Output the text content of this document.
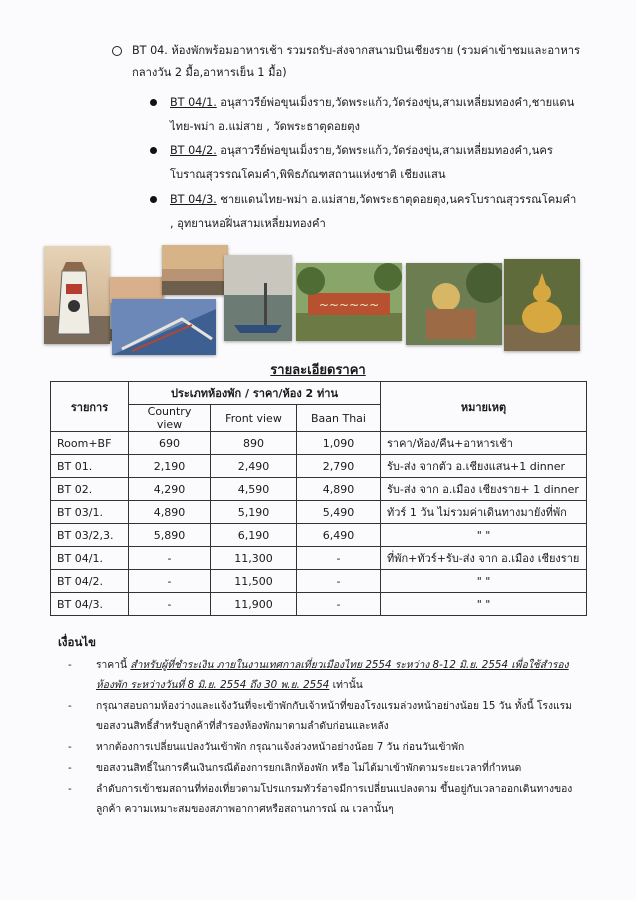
BT 04. ห้องพักพร้อมอาหารเช้า รวมรถรับ-ส่งจากสนามบินเชียงราย (รวมค่าเข้าชมและอาหารกลางวัน 2 มื้อ,อาหารเย็น 1 มื้อ)
BT 04/1. อนุสาวรีย์พ่อขุนเม็งราย,วัดพระแก้ว,วัดร่องขุ่น,สามเหลี่ยมทองคำ,ชายแดนไทย-พม่า อ.แม่สาย , วัดพระธาตุดอยตุง
BT 04/2. อนุสาวรีย์พ่อขุนเม็งราย,วัดพระแก้ว,วัดร่องขุ่น,สามเหลี่ยมทองคำ,นครโบราณสุวรรณโคมคำ,พิพิธภัณฑสถานแห่งชาติ เชียงแสน
BT 04/3. ชายแดนไทย-พม่า อ.แม่สาย,วัดพระธาตุดอยตุง,นครโบราณสุวรรณโคมคำ , อุทยานหอฝิ่นสามเหลี่ยมทองคำ
~~~~~~
รายละเอียดราคา
รายการ	ประเภทห้องพัก / ราคา/ห้อง 2 ท่าน			หมายเหตุ
	Country view	Front view	Baan Thai	
Room+BF	690	890	1,090	ราคา/ห้อง/คืน+อาหารเช้า
BT 01.	2,190	2,490	2,790	รับ-ส่ง จากตัว อ.เชียงแสน+1 dinner
BT 02.	4,290	4,590	4,890	รับ-ส่ง จาก อ.เมือง เชียงราย+ 1 dinner
BT 03/1.	4,890	5,190	5,490	ทัวร์ 1 วัน ไม่รวมค่าเดินทางมายังที่พัก
BT 03/2,3.	5,890	6,190	6,490	" "
BT 04/1.	-	11,300	-	ที่พัก+ทัวร์+รับ-ส่ง จาก อ.เมือง เชียงราย
BT 04/2.	-	11,500	-	" "
BT 04/3.	-	11,900	-	" "
เงื่อนไข
- ราคานี้ สำหรับผู้ที่ชำระเงิน ภายในงานเทศกาลเที่ยวเมืองไทย 2554 ระหว่าง 8-12 มิ.ย. 2554 เพื่อใช้สำรองห้องพัก ระหว่างวันที่ 8 มิ.ย. 2554 ถึง 30 พ.ย. 2554 เท่านั้น
- กรุณาสอบถามห้องว่างและแจ้งวันที่จะเข้าพักกับเจ้าหน้าที่ของโรงแรมล่วงหน้าอย่างน้อย 15 วัน ทั้งนี้ โรงแรมขอสงวนสิทธิ์สำหรับลูกค้าที่สำรองห้องพักมาตามลำดับก่อนและหลัง
- หากต้องการเปลี่ยนแปลงวันเข้าพัก กรุณาแจ้งล่วงหน้าอย่างน้อย 7 วัน ก่อนวันเข้าพัก
- ขอสงวนสิทธิ์ในการคืนเงินกรณีต้องการยกเลิกห้องพัก หรือ ไม่ได้มาเข้าพักตามระยะเวลาที่กำหนด
- ลำดับการเข้าชมสถานที่ท่องเที่ยวตามโปรแกรมทัวร์อาจมีการเปลี่ยนแปลงตาม ขึ้นอยู่กับเวลาออกเดินทางของลูกค้า ความเหมาะสมของสภาพอากาศหรือสถานการณ์ ณ เวลานั้นๆ
